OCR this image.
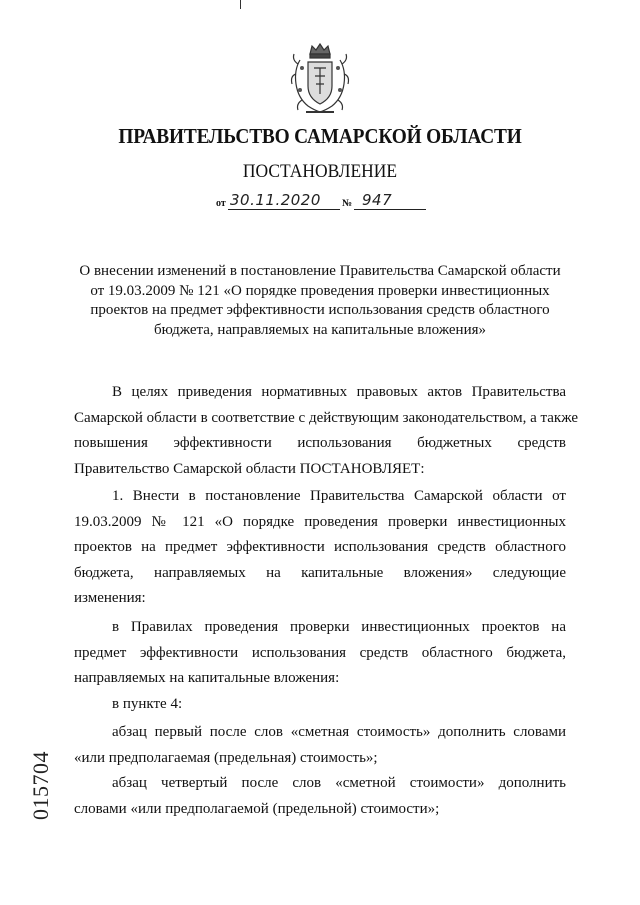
ПРАВИТЕЛЬСТВО САМАРСКОЙ ОБЛАСТИ
ПОСТАНОВЛЕНИЕ
от 30.11.2020 № 947
О внесении изменений в постановление Правительства Самарской области
от 19.03.2009 № 121 «О порядке проведения проверки инвестиционных
проектов на предмет эффективности использования средств областного
бюджета, направляемых на капитальные вложения»
В целях приведения нормативных правовых актов Правительства
Самарской области в соответствие с действующим законодательством, а также
повышения эффективности использования бюджетных средств
Правительство Самарской области ПОСТАНОВЛЯЕТ:
1. Внести в постановление Правительства Самарской области от
19.03.2009 № 121 «О порядке проведения проверки инвестиционных
проектов на предмет эффективности использования средств областного
бюджета, направляемых на капитальные вложения» следующие
изменения:
в Правилах проведения проверки инвестиционных проектов на
предмет эффективности использования средств областного бюджета,
направляемых на капитальные вложения:
в пункте 4:
абзац первый после слов «сметная стоимость» дополнить словами
«или предполагаемая (предельная) стоимость»;
абзац четвертый после слов «сметной стоимости» дополнить
словами «или предполагаемой (предельной) стоимости»;
015704
